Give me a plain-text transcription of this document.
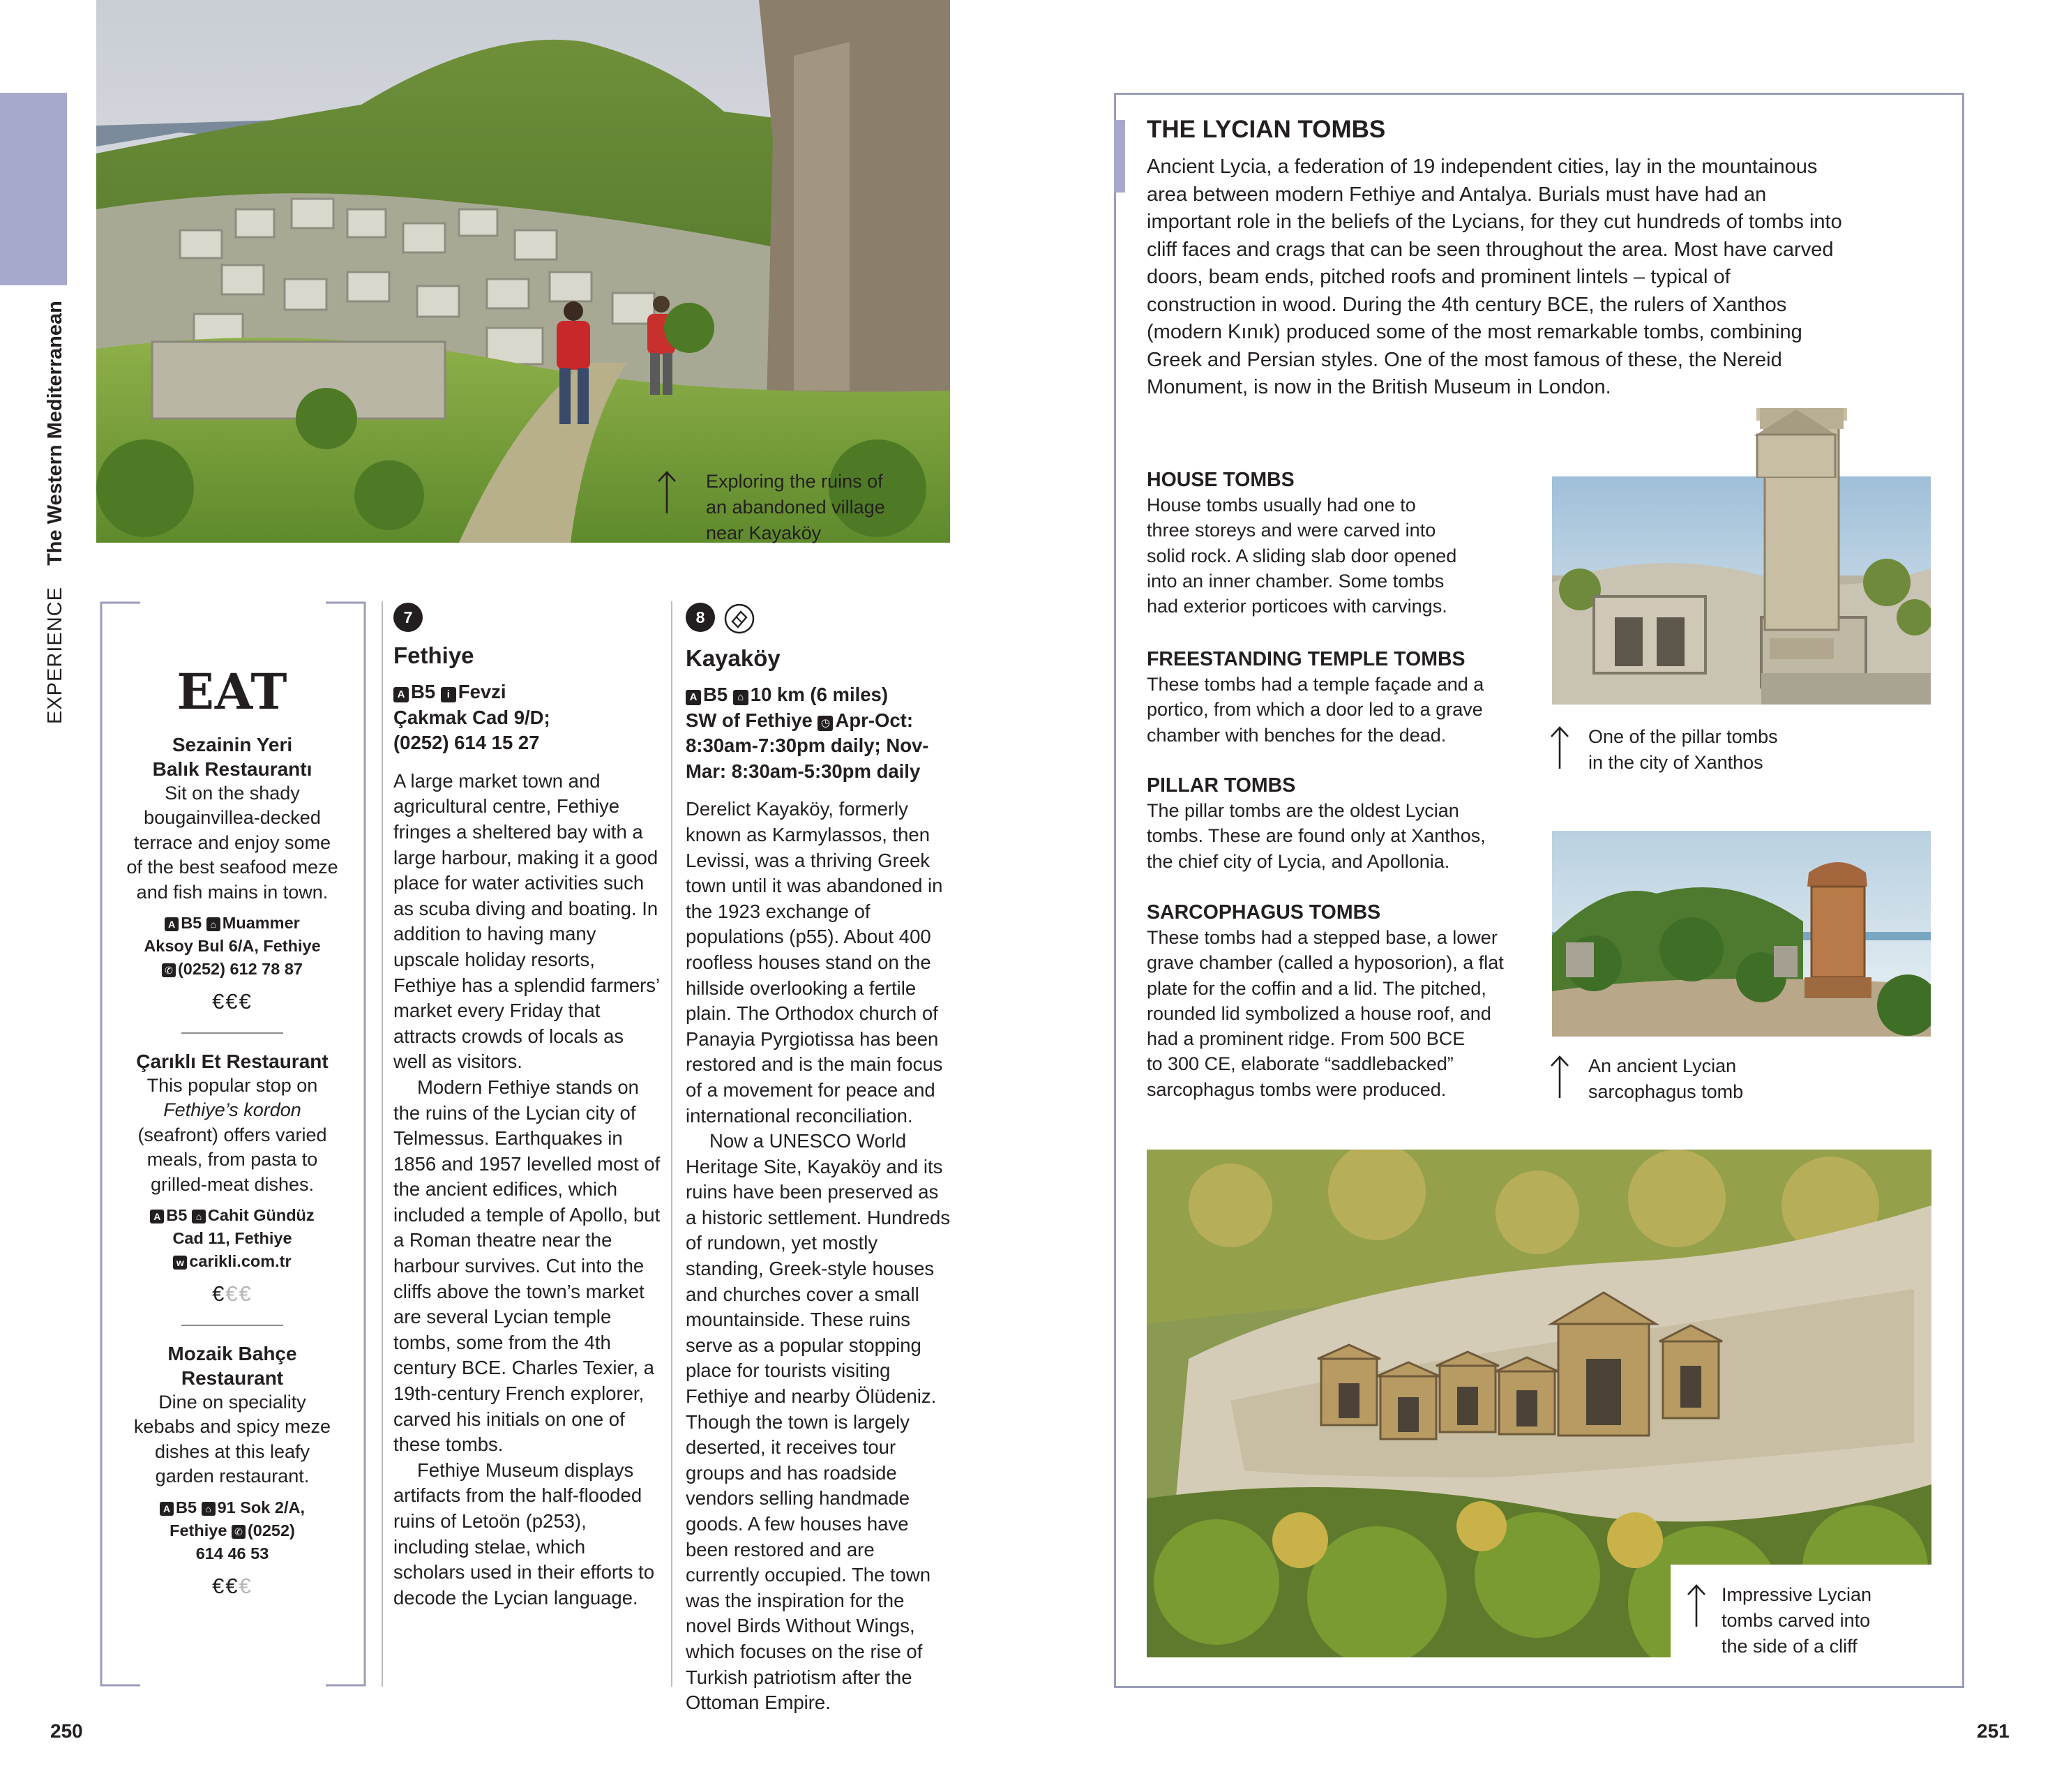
EXPERIENCE  The Western Mediterranean	Exploring the ruins of
an abandoned village
near Kayaköy
EAT
Sezainin Yeri
Balık Restaurantı
Sit on the shady
bougainvillea-decked
terrace and enjoy some
of the best seafood meze
and fish mains in town.
A B5 ⌂ Muammer
Aksoy Bul 6/A, Fethiye
✆ (0252) 612 78 87
€€€
Çarıklı Et Restaurant
This popular stop on
Fethiye’s kordon
(seafront) offers varied
meals, from pasta to
grilled-meat dishes.
A B5 ⌂ Cahit Gündüz
Cad 11, Fethiye
w carikli.com.tr
€€€
Mozaik Bahçe
Restaurant
Dine on speciality
kebabs and spicy meze
dishes at this leafy
garden restaurant.
A B5 ⌂ 91 Sok 2/A,
Fethiye ✆ (0252)
614 46 53
€€€
7
Fethiye
A B5 i Fevzi
Çakmak Cad 9/D;
(0252) 614 15 27

A large market town and agricultural centre, Fethiye fringes a sheltered bay with a large harbour, making it a good place for water activities such as scuba diving and boating. In addition to having many upscale holiday resorts, Fethiye has a splendid farmers’ market every Friday that attracts crowds of locals as well as visitors.

Modern Fethiye stands on the ruins of the Lycian city of Telmessus. Earthquakes in 1856 and 1957 levelled most of the ancient edifices, which included a temple of Apollo, but a Roman theatre near the harbour survives. Cut into the cliffs above the town’s market are several Lycian temple tombs, some from the 4th century BCE. Charles Texier, a 19th-century French explorer, carved his initials on one of these tombs.

Fethiye Museum displays artifacts from the half-flooded ruins of Letoön (p253), including stelae, which scholars used in their efforts to decode the Lycian language.

8
Kayaköy
A B5 ⌂ 10 km (6 miles)
SW of Fethiye ◷ Apr-Oct:
8:30am-7:30pm daily; Nov-
Mar: 8:30am-5:30pm daily

Derelict Kayaköy, formerly known as Karmylassos, then Levissi, was a thriving Greek town until it was abandoned in the 1923 exchange of populations (p55). About 400 roofless houses stand on the hillside overlooking a fertile plain. The Orthodox church of Panayia Pyrgiotissa has been restored and is the main focus of a movement for peace and international reconciliation.

Now a UNESCO World Heritage Site, Kayaköy and its ruins have been preserved as a historic settlement. Hundreds of rundown, yet mostly standing, Greek-style houses and churches cover a small mountainside. These ruins serve as a popular stopping place for tourists visiting Fethiye and nearby Ölüdeniz. Though the town is largely deserted, it receives tour groups and has roadside vendors selling handmade goods. A few houses have been restored and are currently occupied. The town was the inspiration for the novel Birds Without Wings, which focuses on the rise of Turkish patriotism after the Ottoman Empire.

250
THE LYCIAN TOMBS

Ancient Lycia, a federation of 19 independent cities, lay in the mountainous area between modern Fethiye and Antalya. Burials must have had an important role in the beliefs of the Lycians, for they cut hundreds of tombs into cliff faces and crags that can be seen throughout the area. Most have carved doors, beam ends, pitched roofs and prominent lintels – typical of construction in wood. During the 4th century BCE, the rulers of Xanthos (modern Kınık) produced some of the most remarkable tombs, combining Greek and Persian styles. One of the most famous of these, the Nereid Monument, is now in the British Museum in London.

HOUSE TOMBS

House tombs usually had one to

three storeys and were carved into

solid rock. A sliding slab door opened

into an inner chamber. Some tombs

had exterior porticoes with carvings.

FREESTANDING TEMPLE TOMBS

These tombs had a temple façade and a

portico, from which a door led to a grave

chamber with benches for the dead.

PILLAR TOMBS

The pillar tombs are the oldest Lycian

tombs. These are found only at Xanthos,

the chief city of Lycia, and Apollonia.

SARCOPHAGUS TOMBS

These tombs had a stepped base, a lower

grave chamber (called a hyposorion), a flat

plate for the coffin and a lid. The pitched,

rounded lid symbolized a house roof, and

had a prominent ridge. From 500 BCE

to 300 CE, elaborate “saddlebacked”

sarcophagus tombs were produced.

One of the pillar tombs
in the city of Xanthos
An ancient Lycian
sarcophagus tomb
Impressive Lycian
tombs carved into
the side of a cliff
251
